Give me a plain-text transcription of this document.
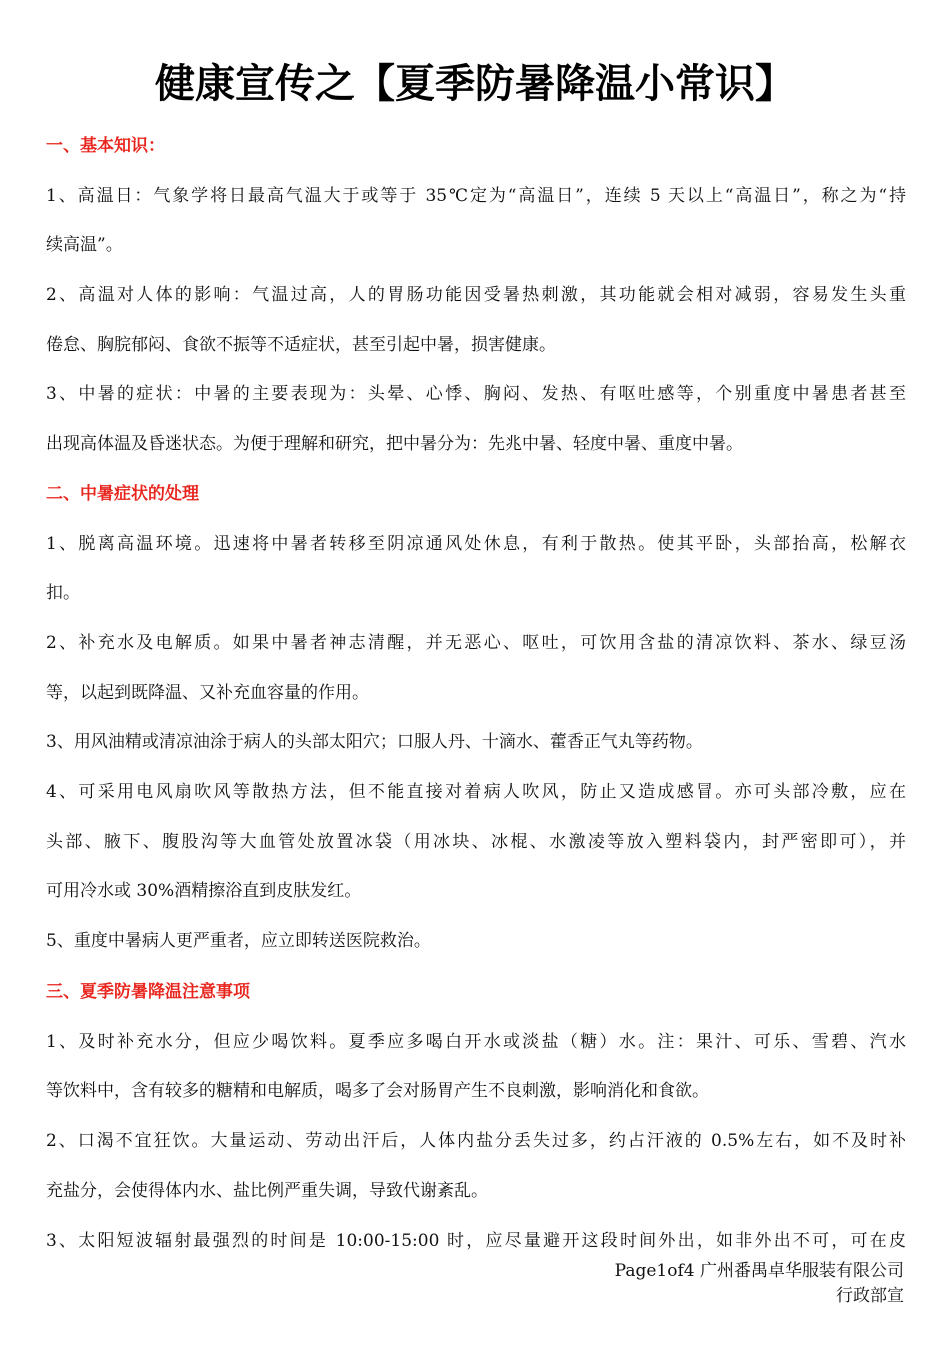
健康宣传之【夏季防暑降温小常识】
一、基本知识：
1、高温日：气象学将日最高气温大于或等于 35℃定为“高温日”，连续 5 天以上“高温日”，称之为“持
续高温”。
2、高温对人体的影响：气温过高，人的胃肠功能因受暑热刺激，其功能就会相对减弱，容易发生头重
倦怠、胸脘郁闷、食欲不振等不适症状，甚至引起中暑，损害健康。
3、中暑的症状：中暑的主要表现为：头晕、心悸、胸闷、发热、有呕吐感等，个别重度中暑患者甚至
出现高体温及昏迷状态。为便于理解和研究，把中暑分为：先兆中暑、轻度中暑、重度中暑。
二、中暑症状的处理
1、脱离高温环境。迅速将中暑者转移至阴凉通风处休息，有利于散热。使其平卧，头部抬高，松解衣
扣。
2、补充水及电解质。如果中暑者神志清醒，并无恶心、呕吐，可饮用含盐的清凉饮料、茶水、绿豆汤
等，以起到既降温、又补充血容量的作用。
3、用风油精或清凉油涂于病人的头部太阳穴；口服人丹、十滴水、藿香正气丸等药物。
4、可采用电风扇吹风等散热方法，但不能直接对着病人吹风，防止又造成感冒。亦可头部冷敷，应在
头部、腋下、腹股沟等大血管处放置冰袋（用冰块、冰棍、水激凌等放入塑料袋内，封严密即可），并
可用冷水或 30%酒精擦浴直到皮肤发红。
5、重度中暑病人更严重者，应立即转送医院救治。
三、夏季防暑降温注意事项
1、及时补充水分，但应少喝饮料。夏季应多喝白开水或淡盐（糖）水。注：果汁、可乐、雪碧、汽水
等饮料中，含有较多的糖精和电解质，喝多了会对肠胃产生不良刺激，影响消化和食欲。
2、口渴不宜狂饮。大量运动、劳动出汗后，人体内盐分丢失过多，约占汗液的 0.5%左右，如不及时补
充盐分，会使得体内水、盐比例严重失调，导致代谢紊乱。
3、太阳短波辐射最强烈的时间是 10:00-15:00 时，应尽量避开这段时间外出，如非外出不可，可在皮
Page1of4 广州番禺卓华服装有限公司
行政部宣
